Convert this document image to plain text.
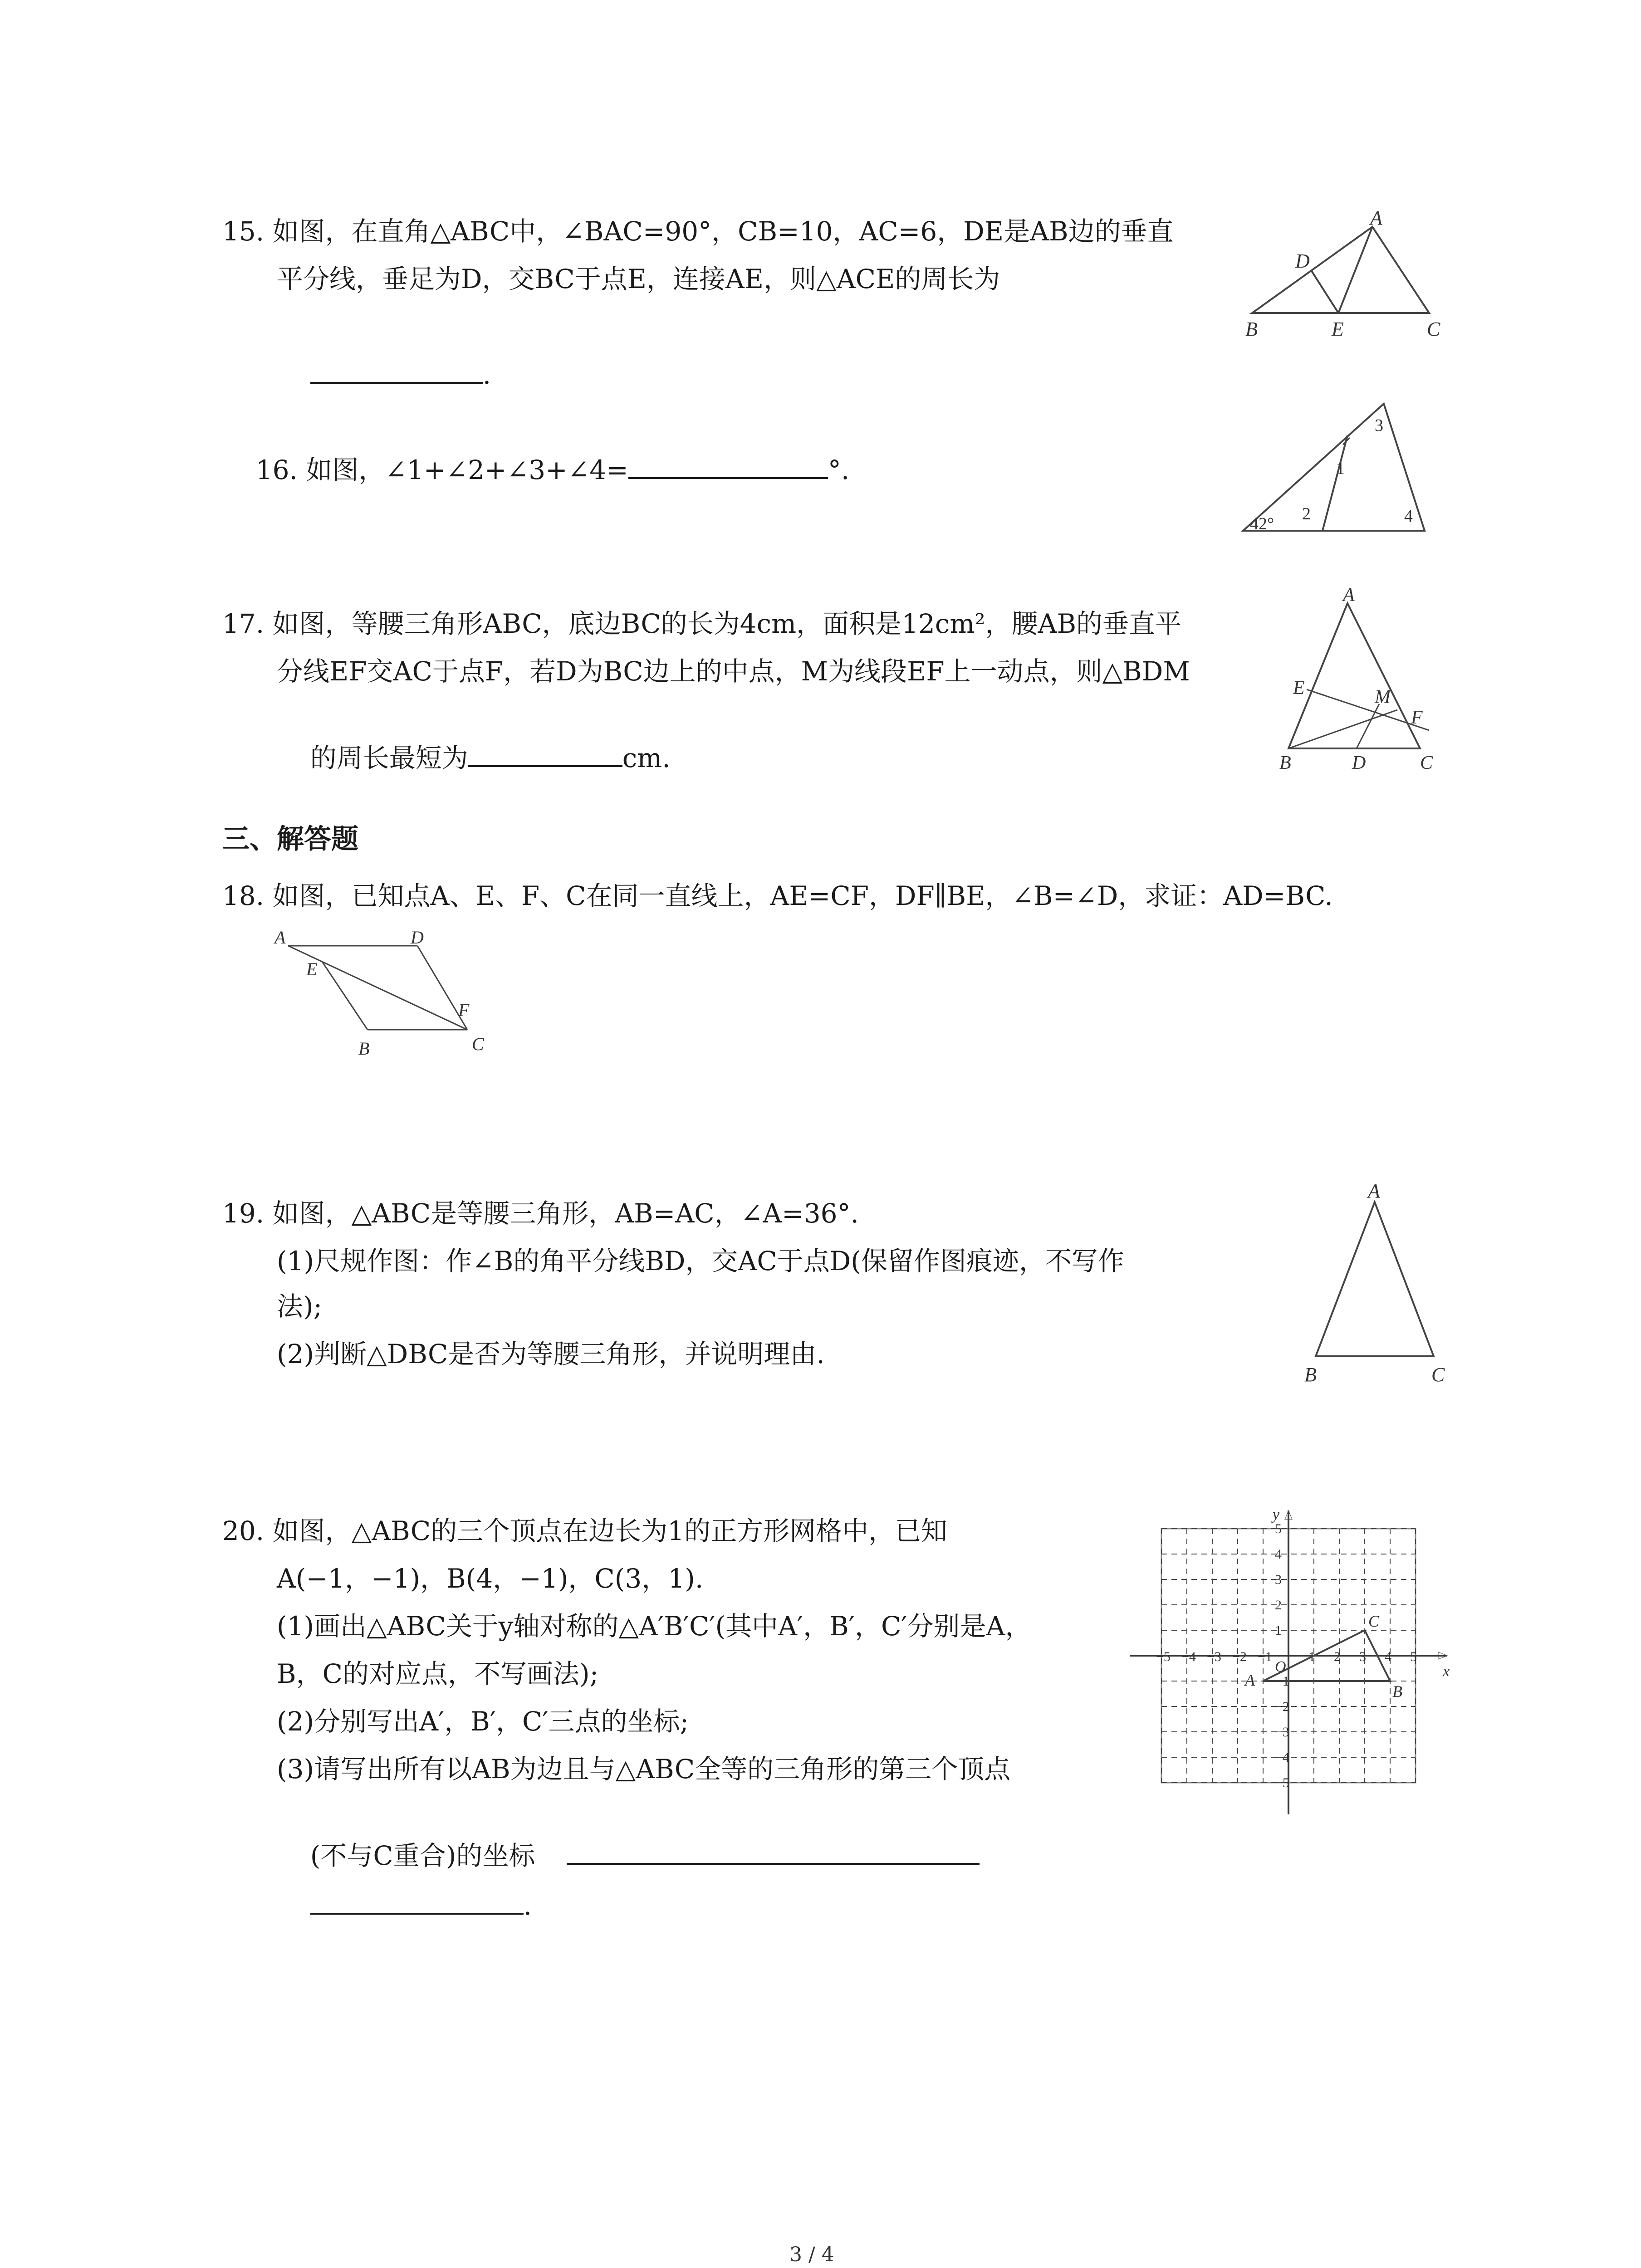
15. 如图，在直角△ABC中，∠BAC=90°，CB=10，AC=6，DE是AB边的垂直
平分线，垂足为D，交BC于点E，连接AE，则△ACE的周长为

.

A
B	C
D
E

16. 如图，∠1+∠2+∠3+∠4=	°.

42°
1
2
3
4
17. 如图，等腰三角形ABC，底边BC的长为4cm，面积是12cm²，腰AB的垂直平
分线EF交AC于点F，若D为BC边上的中点，M为线段EF上一动点，则△BDM

的周长最短为	cm.

A
B	C
D
E
F
M
三、解答题
18. 如图，已知点A、E、F、C在同一直线上，AE=CF，DF∥BE，∠B=∠D，求证：AD=BC.
A	D
E
F
B	C
19. 如图，△ABC是等腰三角形，AB=AC，∠A=36°.
(1)尺规作图：作∠B的角平分线BD，交AC于点D(保留作图痕迹，不写作
法);
(2)判断△DBC是否为等腰三角形，并说明理由.
A
B	C
20. 如图，△ABC的三个顶点在边长为1的正方形网格中，已知
A(−1，−1)，B(4，−1)，C(3，1).
(1)画出△ABC关于y轴对称的△A′B′C′(其中A′，B′，C′分别是A，
B，C的对应点，不写画法);
(2)分别写出A′，B′，C′三点的坐标;
(3)请写出所有以AB为边且与△ABC全等的三角形的第三个顶点

(不与C重合)的坐标

.

x
y
O
−5 −4 −3 −2 −1	1 2 3 4 5
5
4
3
2
1
−1
−2
−3
−4
−5
A
B
C
3 / 4
